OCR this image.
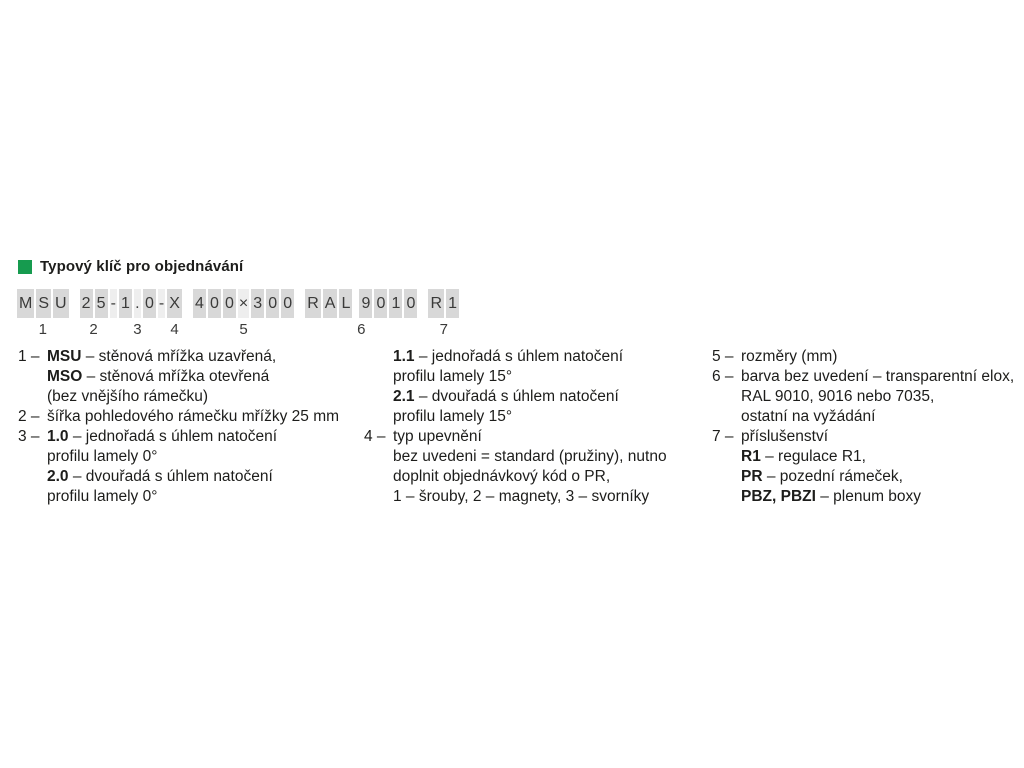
Typový klíč pro objednávání
M S U
1
2 5
2
- 1 . 0
3
- X
4
4 0 0 × 3 0 0
5
R A L 9 0 1 0
6
R 1
7
1 – MSU – stěnová mřížka uzavřená,
MSO – stěnová mřížka otevřená
(bez vnějšího rámečku)
2 – šířka pohledového rámečku mřížky 25 mm
3 – 1.0 – jednořadá s úhlem natočení
profilu lamely 0°
2.0 – dvouřadá s úhlem natočení
profilu lamely 0°
1.1 – jednořadá s úhlem natočení
profilu lamely 15°
2.1 – dvouřadá s úhlem natočení
profilu lamely 15°
4 – typ upevnění
bez uvedeni = standard (pružiny), nutno
doplnit objednávkový kód o PR,
1 – šrouby, 2 – magnety, 3 – svorníky
5 – rozměry (mm)
6 – barva bez uvedení – transparentní elox,
RAL 9010, 9016 nebo 7035,
ostatní na vyžádání
7 – příslušenství
R1 – regulace R1,
PR – pozední rámeček,
PBZ, PBZI – plenum boxy
